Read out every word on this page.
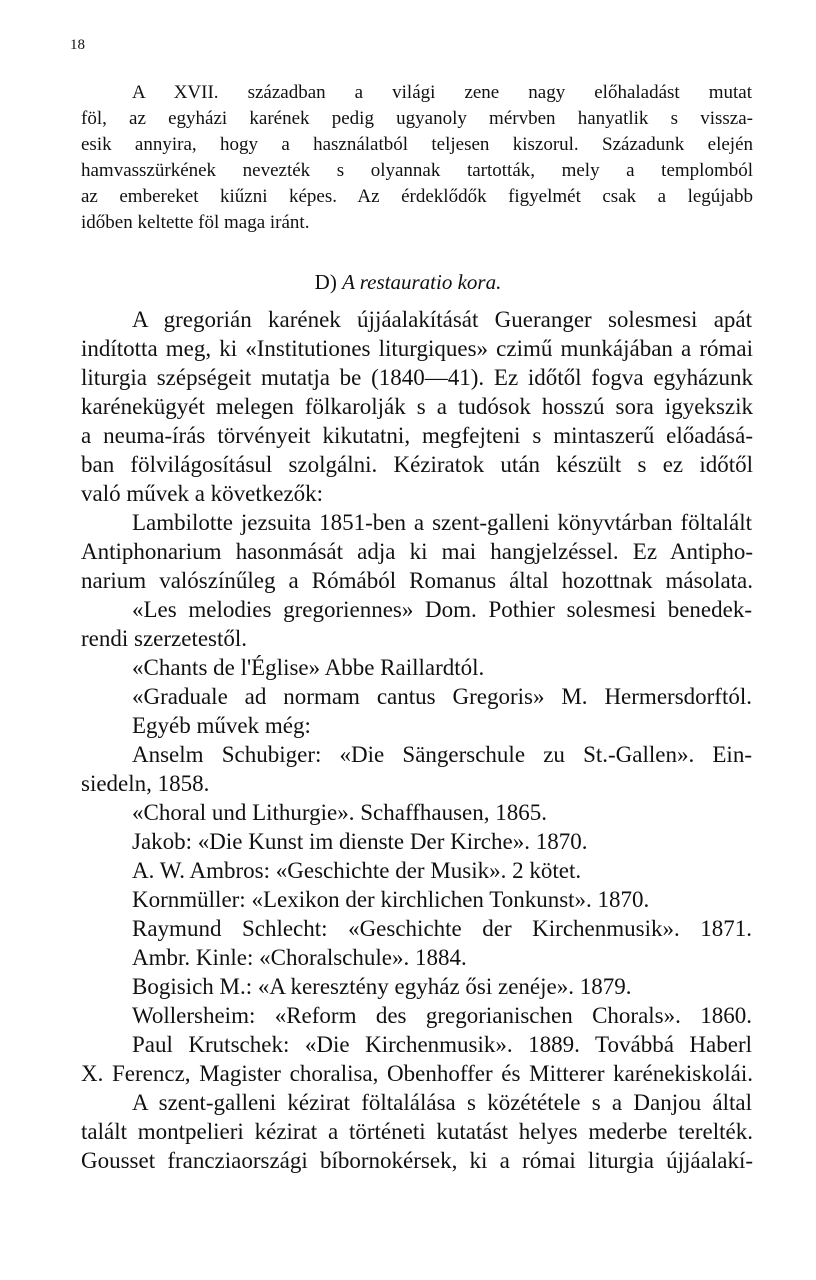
18
A XVII. században a világi zene nagy előhaladást mutat
föl, az egyházi karének pedig ugyanoly mérvben hanyatlik s vissza-
esik annyira, hogy a használatból teljesen kiszorul. Századunk elején
hamvasszürkének nevezték s olyannak tartották, mely a templomból
az embereket kiűzni képes. Az érdeklődők figyelmét csak a legújabb
időben keltette föl maga iránt.
D) A restauratio kora.
A gregorián karének újjáalakítását Gueranger solesmesi apát
indította meg, ki «Institutiones liturgiques» czimű munkájában a római
liturgia szépségeit mutatja be (1840—41). Ez időtől fogva egyházunk
karénekügyét melegen fölkarolják s a tudósok hosszú sora igyekszik
a neuma-írás törvényeit kikutatni, megfejteni s mintaszerű előadásá-
ban fölvilágosításul szolgálni. Kéziratok után készült s ez időtől
való művek a következők:
Lambilotte jezsuita 1851-ben a szent-galleni könyvtárban föltalált
Antiphonarium hasonmását adja ki mai hangjelzéssel. Ez Antipho-
narium valószínűleg a Rómából Romanus által hozottnak másolata.
«Les melodies gregoriennes» Dom. Pothier solesmesi benedek-
rendi szerzetestől.
«Chants de l'Église» Abbe Raillardtól.
«Graduale ad normam cantus Gregoris» M. Hermersdorftól.
Egyéb művek még:
Anselm Schubiger: «Die Sängerschule zu St.-Gallen». Ein-
siedeln, 1858.
«Choral und Lithurgie». Schaffhausen, 1865.
Jakob: «Die Kunst im dienste Der Kirche». 1870.
A. W. Ambros: «Geschichte der Musik». 2 kötet.
Kornmüller: «Lexikon der kirchlichen Tonkunst». 1870.
Raymund Schlecht: «Geschichte der Kirchenmusik». 1871.
Ambr. Kinle: «Choralschule». 1884.
Bogisich M.: «A keresztény egyház ősi zenéje». 1879.
Wollersheim: «Reform des gregorianischen Chorals». 1860.
Paul Krutschek: «Die Kirchenmusik». 1889. Továbbá Haberl
X. Ferencz, Magister choralisa, Obenhoffer és Mitterer karénekiskolái.
A szent-galleni kézirat föltalálása s közététele s a Danjou által
talált montpelieri kézirat a történeti kutatást helyes mederbe terelték.
Gousset francziaországi bíbornokérsek, ki a római liturgia újjáalakí-
